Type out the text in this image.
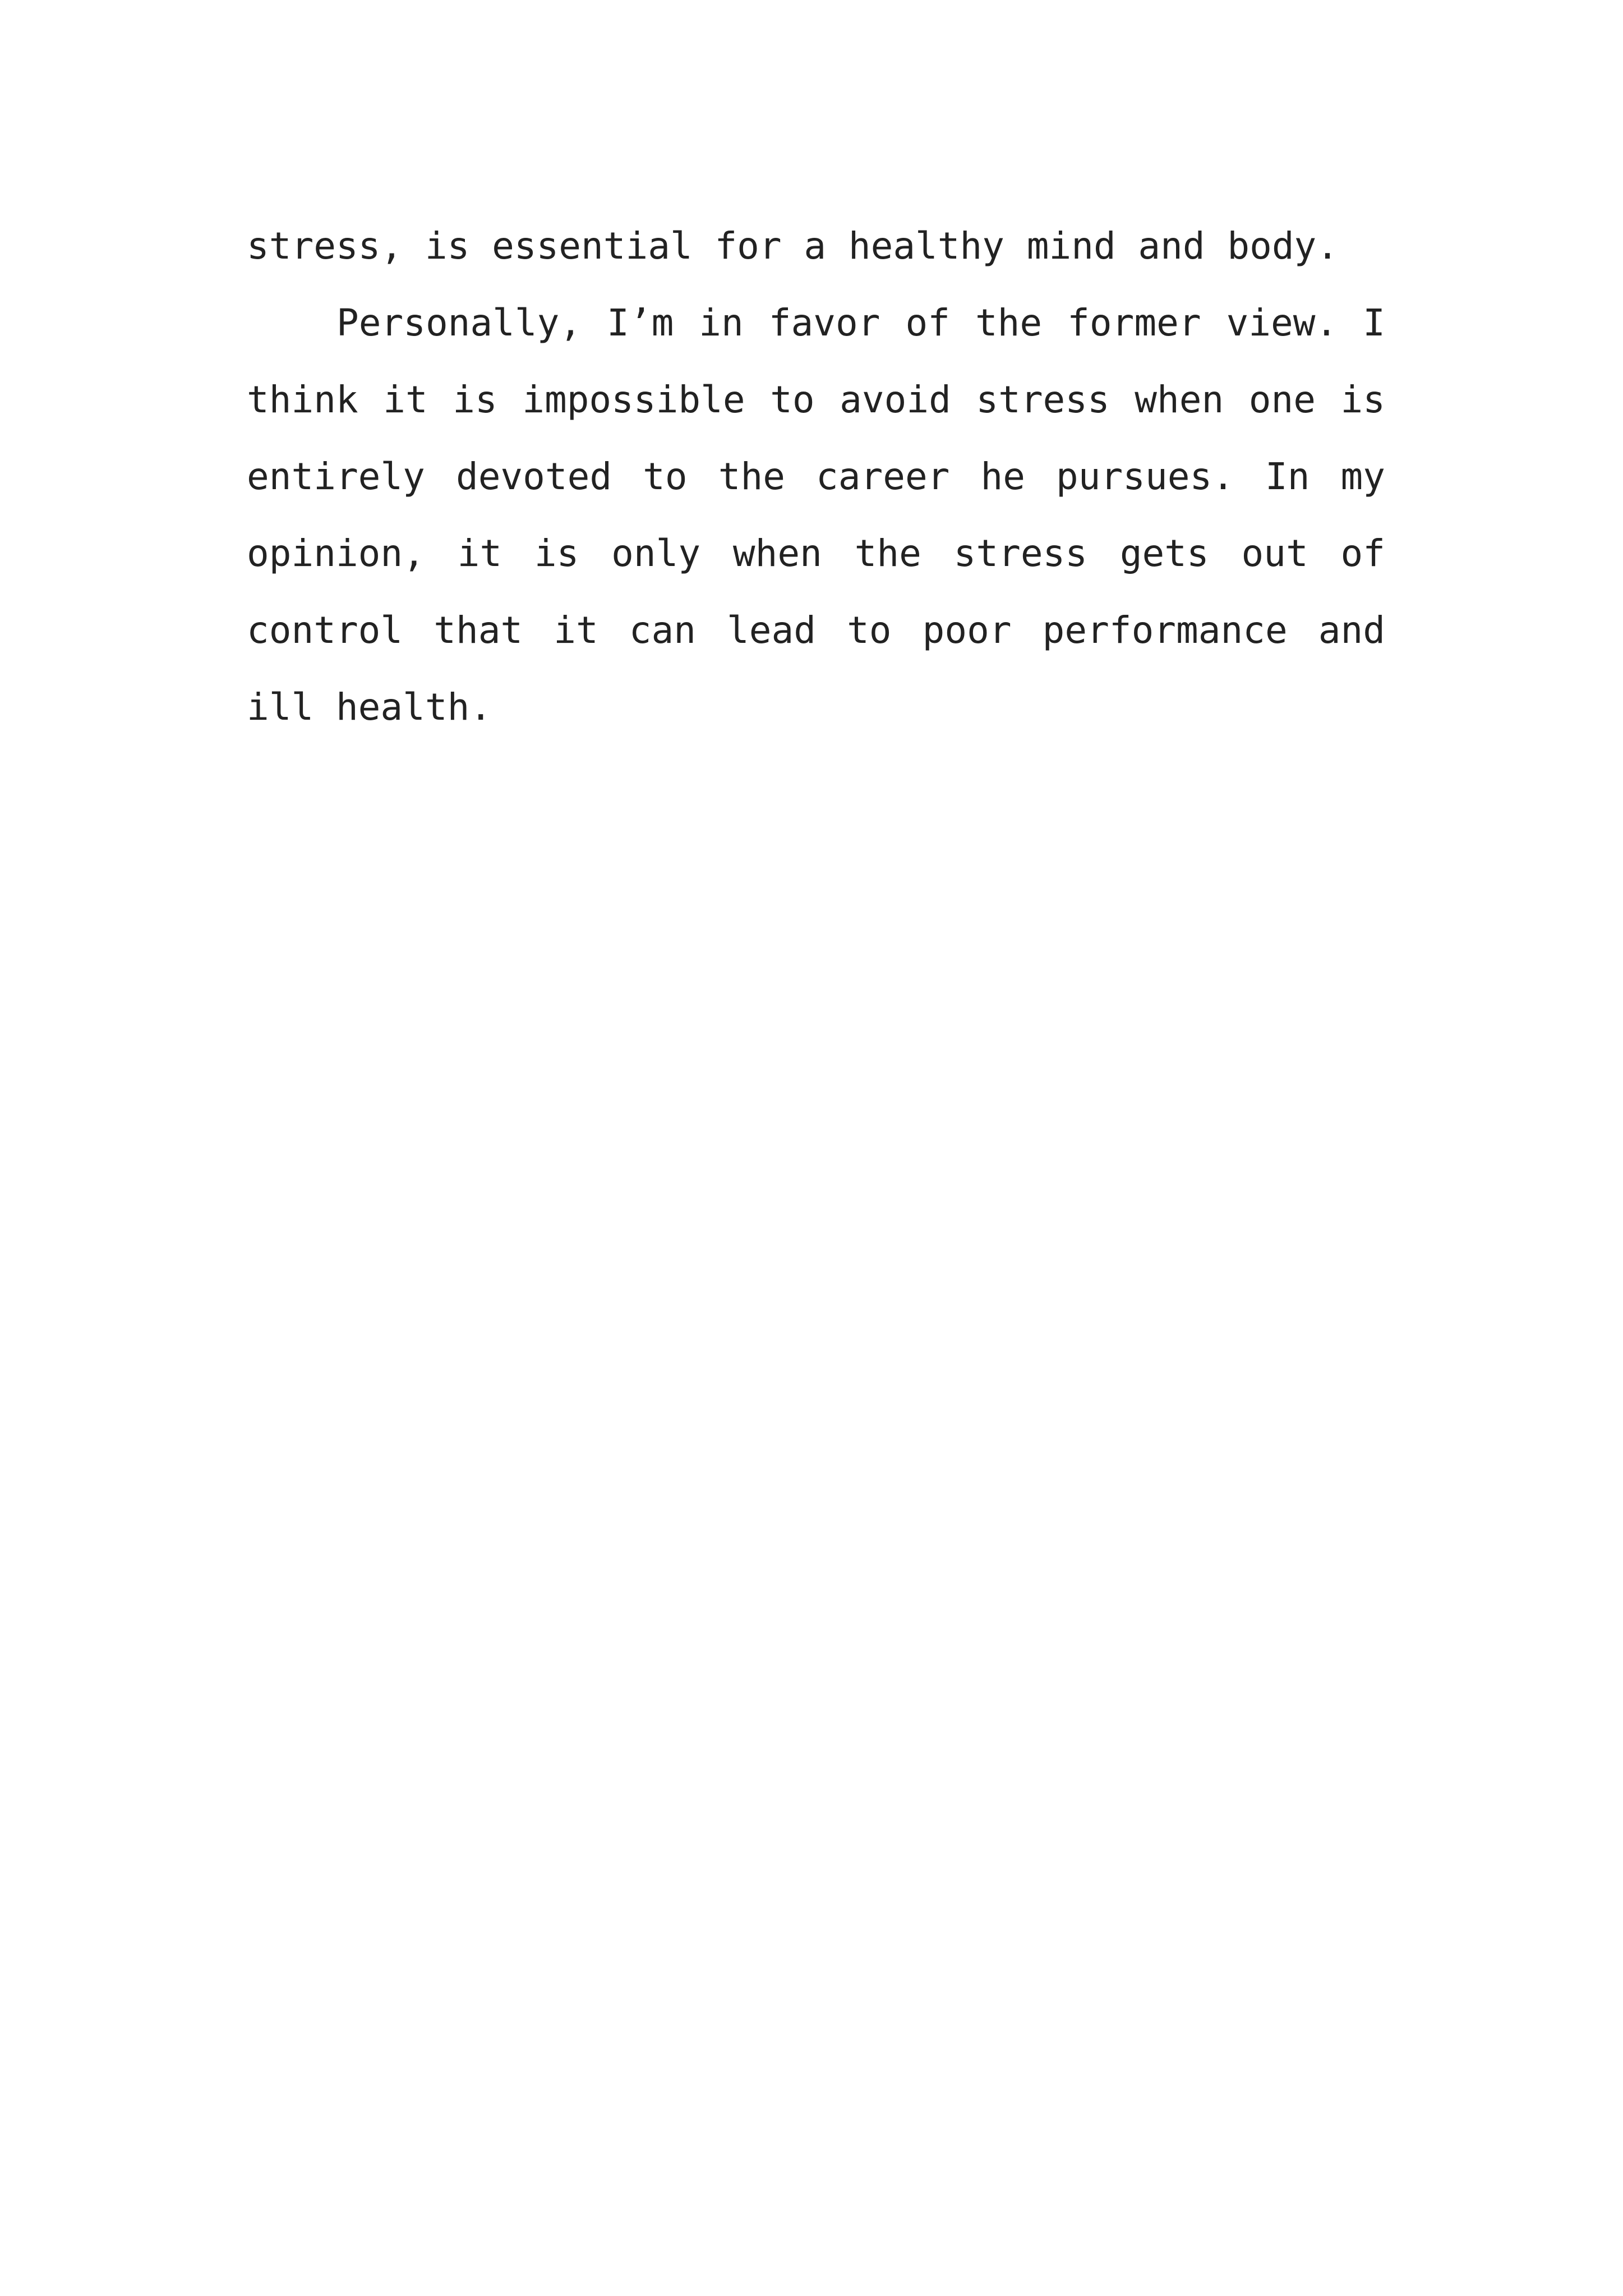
stress, is essential for a healthy mind and body.
Personally, I’m in favor of the former view. I
think it is impossible to avoid stress when one is
entirely devoted to the career he pursues. In my
opinion, it is only when the stress gets out of
control that it can lead to poor performance and
ill health.
